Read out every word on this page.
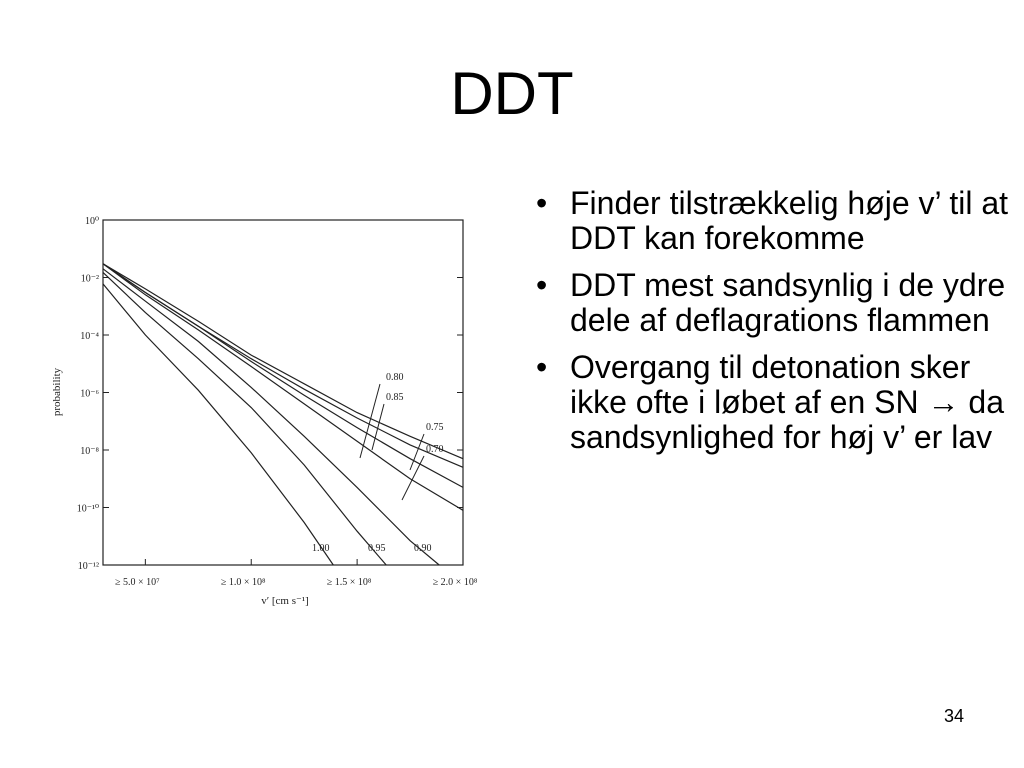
DDT
10⁰
10⁻²
10⁻⁴
10⁻⁶
10⁻⁸
10⁻¹⁰
10⁻¹²
≥ 5.0 × 10⁷	≥ 1.0 × 10⁸	≥ 1.5 × 10⁸	≥ 2.0 × 10⁸
0.80
0.85
0.75
0.70
0.90
0.95
1.00
probability
v′ [cm s⁻¹]
• Finder tilstrækkelig høje v’ til at DDT kan forekomme
• DDT mest sandsynlig i de ydre dele af deflagrations flammen
• Overgang til detonation sker ikke ofte i løbet af en SN → da sandsynlighed for høj v’ er lav
34
